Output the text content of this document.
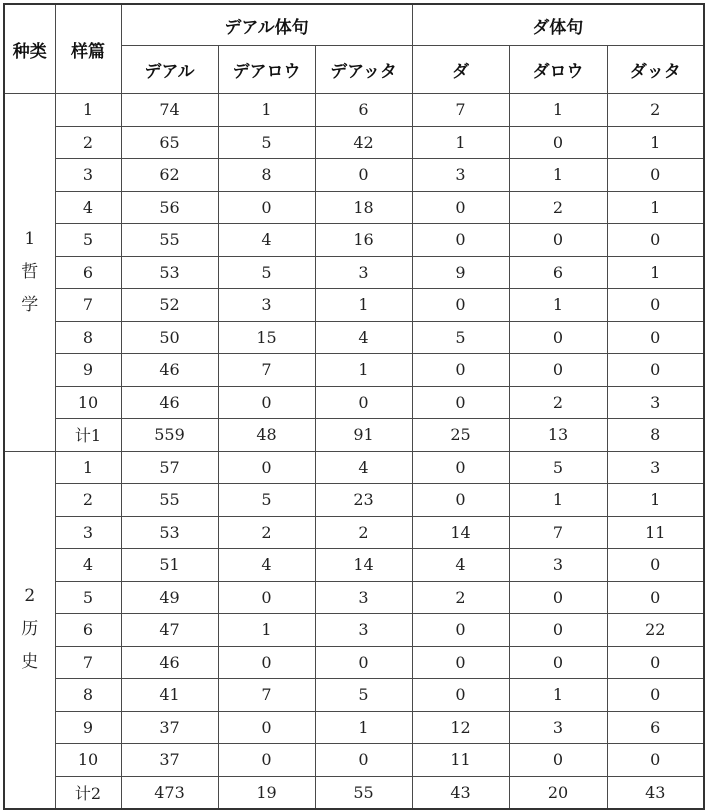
种类	样篇	デアル体句			ダ体句		
		デアル	デアロウ	デアッタ	ダ	ダロウ	ダッタ

1
哲
学	1	74	1	6	7	1	2
	2	65	5	42	1	0	1
	3	62	8	0	3	1	0
	4	56	0	18	0	2	1
	5	55	4	16	0	0	0
	6	53	5	3	9	6	1
	7	52	3	1	0	1	0
	8	50	15	4	5	0	0
	9	46	7	1	0	0	0
	10	46	0	0	0	2	3
	计1	559	48	91	25	13	8

2
历
史	1	57	0	4	0	5	3
	2	55	5	23	0	1	1
	3	53	2	2	14	7	11
	4	51	4	14	4	3	0
	5	49	0	3	2	0	0
	6	47	1	3	0	0	22
	7	46	0	0	0	0	0
	8	41	7	5	0	1	0
	9	37	0	1	12	3	6
	10	37	0	0	11	0	0
	计2	473	19	55	43	20	43
